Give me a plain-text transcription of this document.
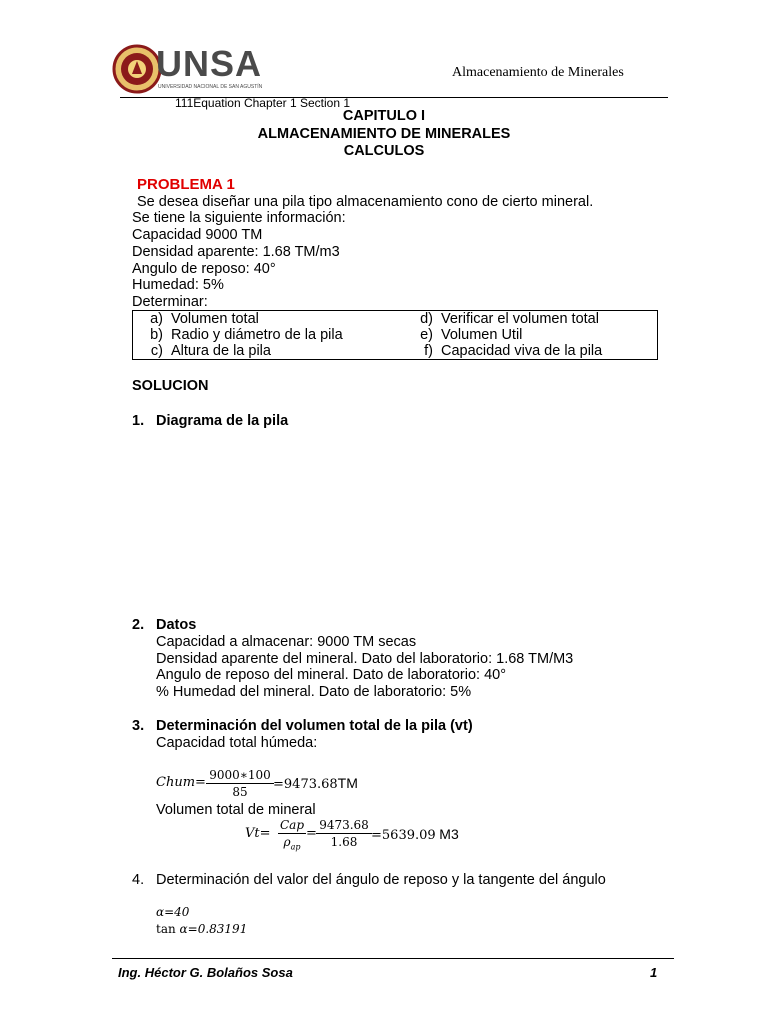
UNSA
UNIVERSIDAD NACIONAL DE SAN AGUSTÍN
Almacenamiento de Minerales
111Equation Chapter 1 Section 1
CAPITULO I
ALMACENAMIENTO DE MINERALES
CALCULOS
PROBLEMA 1
Se desea diseñar una pila tipo almacenamiento cono de cierto mineral.
Se tiene la siguiente información:
Capacidad 9000 TM
Densidad aparente: 1.68 TM/m3
Angulo de reposo: 40°
Humedad: 5%
Determinar:
a) Volumen total	d) Verificar el volumen total
b) Radio y diámetro de la pila	e) Volumen Util
c) Altura de la pila	f) Capacidad viva de la pila
SOLUCION
1. Diagrama de la pila
2. Datos
Capacidad a almacenar: 9000 TM secas
Densidad aparente del mineral. Dato del laboratorio: 1.68 TM/M3
Angulo de reposo del mineral. Dato de laboratorio: 40°
% Humedad del mineral. Dato de laboratorio: 5%
3. Determinación del volumen total de la pila (vt)
Capacidad total húmeda:
Chum= 9000∗100
85	=9473.68TM
Volumen total de mineral
Vt=
Cap
$\rho_{ap}$
=
9473.68
1.68	=5639.09 M3
4. Determinación del valor del ángulo de reposo y la tangente del ángulo
α=40
tan α=0.83191
Ing. Héctor G. Bolaños Sosa	1
